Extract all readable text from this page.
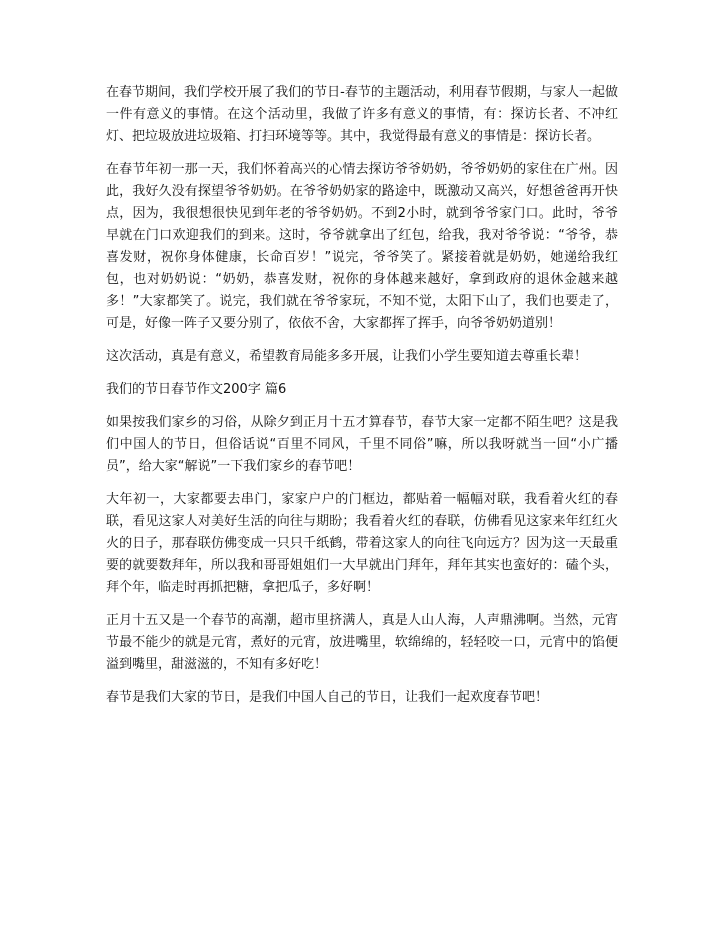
在春节期间，我们学校开展了我们的节日-春节的主题活动，利用春节假期，与家人一起做一件有意义的事情。在这个活动里，我做了许多有意义的事情，有：探访长者、不冲红灯、把垃圾放进垃圾箱、打扫环境等等。其中，我觉得最有意义的事情是：探访长者。

在春节年初一那一天，我们怀着高兴的心情去探访爷爷奶奶，爷爷奶奶的家住在广州。因此，我好久没有探望爷爷奶奶。在爷爷奶奶家的路途中，既激动又高兴，好想爸爸再开快点，因为，我很想很快见到年老的爷爷奶奶。不到2小时，就到爷爷家门口。此时，爷爷早就在门口欢迎我们的到来。这时，爷爷就拿出了红包，给我，我对爷爷说：“爷爷，恭喜发财，祝你身体健康，长命百岁！”说完，爷爷笑了。紧接着就是奶奶，她递给我红包，也对奶奶说：“奶奶，恭喜发财，祝你的身体越来越好，拿到政府的退休金越来越多！”大家都笑了。说完，我们就在爷爷家玩，不知不觉，太阳下山了，我们也要走了，可是，好像一阵子又要分别了，依依不舍，大家都挥了挥手，向爷爷奶奶道别！

这次活动，真是有意义，希望教育局能多多开展，让我们小学生要知道去尊重长辈！

我们的节日春节作文200字 篇6

如果按我们家乡的习俗，从除夕到正月十五才算春节，春节大家一定都不陌生吧？这是我们中国人的节日，但俗话说“百里不同风，千里不同俗”嘛，所以我呀就当一回“小广播员”，给大家“解说”一下我们家乡的春节吧！

大年初一，大家都要去串门，家家户户的门框边，都贴着一幅幅对联，我看着火红的春联，看见这家人对美好生活的向往与期盼；我看着火红的春联，仿佛看见这家来年红红火火的日子，那春联仿佛变成一只只千纸鹤，带着这家人的向往飞向远方？因为这一天最重要的就要数拜年，所以我和哥哥姐姐们一大早就出门拜年，拜年其实也蛮好的：磕个头，拜个年，临走时再抓把糖，拿把瓜子，多好啊！

正月十五又是一个春节的高潮，超市里挤满人，真是人山人海，人声鼎沸啊。当然，元宵节最不能少的就是元宵，煮好的元宵，放进嘴里，软绵绵的，轻轻咬一口，元宵中的馅便溢到嘴里，甜滋滋的，不知有多好吃！

春节是我们大家的节日，是我们中国人自己的节日，让我们一起欢度春节吧！
